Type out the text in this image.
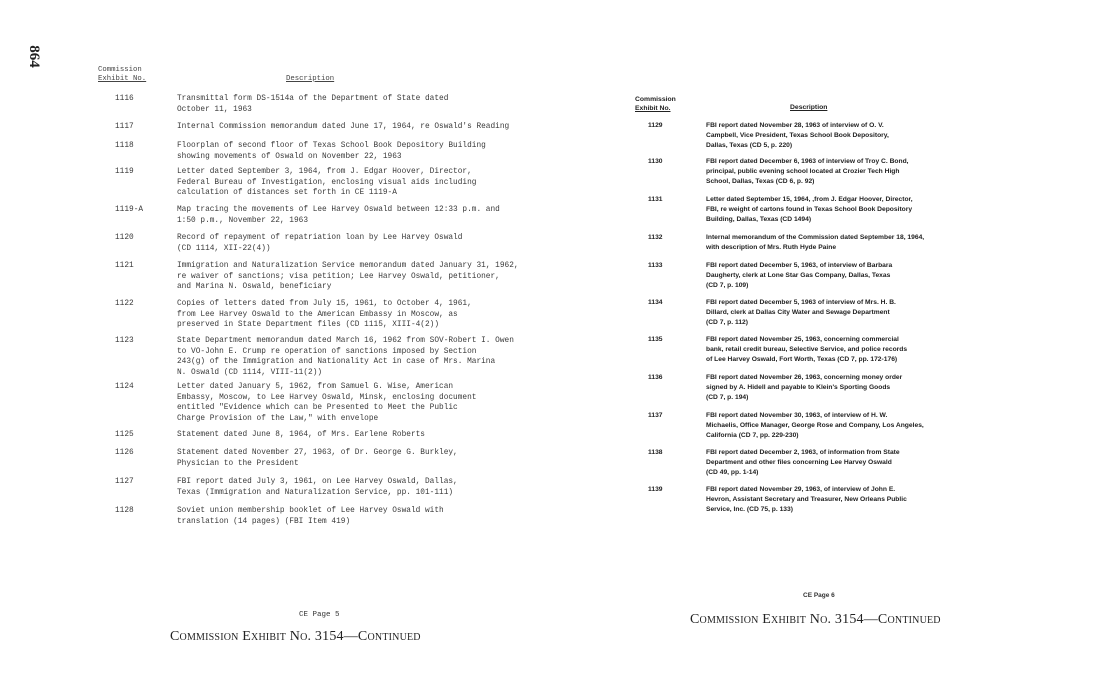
864
Commission
Exhibit No.	Description
1116	Transmittal form DS-1514a of the Department of State dated
October 11, 1963
1117	Internal Commission memorandum dated June 17, 1964, re Oswald's Reading
1118	Floorplan of second floor of Texas School Book Depository Building
showing movements of Oswald on November 22, 1963
1119	Letter dated September 3, 1964, from J. Edgar Hoover, Director,
Federal Bureau of Investigation, enclosing visual aids including
calculation of distances set forth in CE 1119-A
1119-A	Map tracing the movements of Lee Harvey Oswald between 12:33 p.m. and
1:50 p.m., November 22, 1963
1120	Record of repayment of repatriation loan by Lee Harvey Oswald
(CD 1114, XII-22(4))
1121	Immigration and Naturalization Service memorandum dated January 31, 1962,
re waiver of sanctions; visa petition; Lee Harvey Oswald, petitioner,
and Marina N. Oswald, beneficiary
1122	Copies of letters dated from July 15, 1961, to October 4, 1961,
from Lee Harvey Oswald to the American Embassy in Moscow, as
preserved in State Department files (CD 1115, XIII-4(2))
1123	State Department memorandum dated March 16, 1962 from SOV-Robert I. Owen
to VO-John E. Crump re operation of sanctions imposed by Section
243(g) of the Immigration and Nationality Act in case of Mrs. Marina
N. Oswald (CD 1114, VIII-11(2))
1124	Letter dated January 5, 1962, from Samuel G. Wise, American
Embassy, Moscow, to Lee Harvey Oswald, Minsk, enclosing document
entitled "Evidence which can be Presented to Meet the Public
Charge Provision of the Law," with envelope
1125	Statement dated June 8, 1964, of Mrs. Earlene Roberts
1126	Statement dated November 27, 1963, of Dr. George G. Burkley,
Physician to the President
1127	FBI report dated July 3, 1961, on Lee Harvey Oswald, Dallas,
Texas (Immigration and Naturalization Service, pp. 101-111)
1128	Soviet union membership booklet of Lee Harvey Oswald with
translation (14 pages) (FBI Item 419)
CE Page 5
Commission Exhibit No. 3154—Continued
Commission
Exhibit No.	Description
1129	FBI report dated November 28, 1963 of interview of O. V.
Campbell, Vice President, Texas School Book Depository,
Dallas, Texas (CD 5, p. 220)
1130	FBI report dated December 6, 1963 of interview of Troy C. Bond,
principal, public evening school located at Crozier Tech High
School, Dallas, Texas (CD 6, p. 92)
1131	Letter dated September 15, 1964, ,from J. Edgar Hoover, Director,
FBI, re weight of cartons found in Texas School Book Depository
Building, Dallas, Texas (CD 1494)
1132	Internal memorandum of the Commission dated September 18, 1964,
with description of Mrs. Ruth Hyde Paine
1133	FBI report dated December 5, 1963, of interview of Barbara
Daugherty, clerk at Lone Star Gas Company, Dallas, Texas
(CD 7, p. 109)
1134	FBI report dated December 5, 1963 of interview of Mrs. H. B.
Dillard, clerk at Dallas City Water and Sewage Department
(CD 7, p. 112)
1135	FBI report dated November 25, 1963, concerning commercial
bank, retail credit bureau, Selective Service, and police records
of Lee Harvey Oswald, Fort Worth, Texas (CD 7, pp. 172-176)
1136	FBI report dated November 26, 1963, concerning money order
signed by A. Hidell and payable to Klein's Sporting Goods
(CD 7, p. 194)
1137	FBI report dated November 30, 1963, of interview of H. W.
Michaelis, Office Manager, George Rose and Company, Los Angeles,
California (CD 7, pp. 229-230)
1138	FBI report dated December 2, 1963, of information from State
Department and other files concerning Lee Harvey Oswald
(CD 49, pp. 1-14)
1139	FBI report dated November 29, 1963, of interview of John E.
Hevron, Assistant Secretary and Treasurer, New Orleans Public
Service, Inc. (CD 75, p. 133)
CE Page 6
Commission Exhibit No. 3154—Continued
